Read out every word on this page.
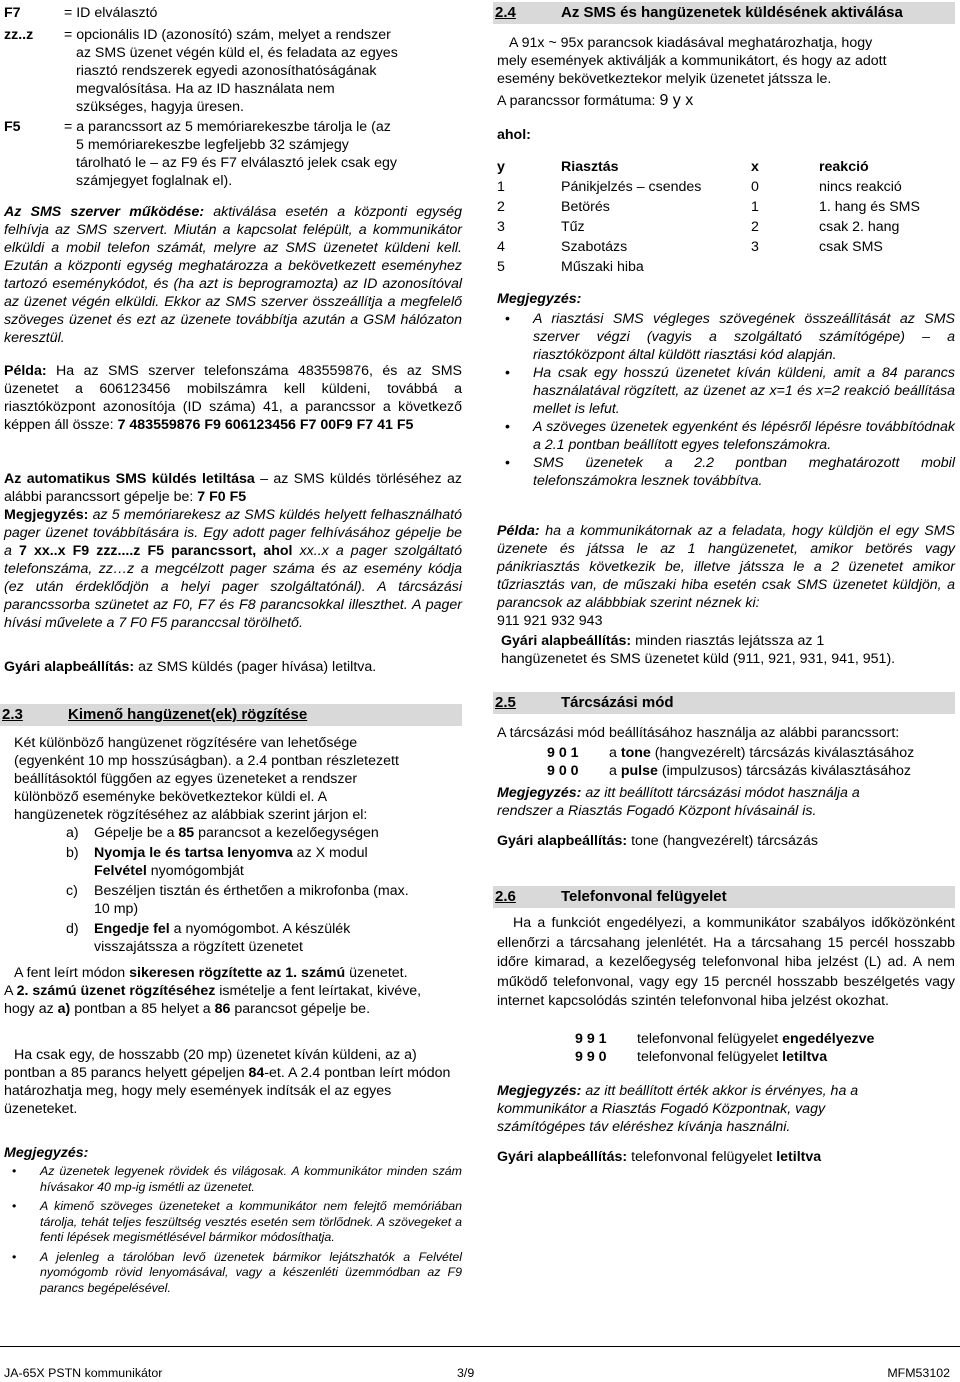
F7	= ID elválasztó
zz..z	= opcionális ID (azonosító) szám, melyet a rendszer
az SMS üzenet végén küld el, és feladata az egyes
riasztó rendszerek egyedi azonosíthatóságának
megvalósítása. Ha az ID használata nem
szükséges, hagyja üresen.
F5	= a parancssort az 5 memóriarekeszbe tárolja le (az
5 memóriarekeszbe legfeljebb 32 számjegy
tárolható le – az F9 és F7 elválasztó jelek csak egy
számjegyet foglalnak el).

Az SMS szerver működése: aktiválása esetén a központi egység felhívja az SMS szervert. Miután a kapcsolat felépült, a kommunikátor elküldi a mobil telefon számát, melyre az SMS üzenetet küldeni kell. Ezután a központi egység meghatározza a bekövetkezett eseményhez tartozó eseménykódot, és (ha azt is beprogramozta) az ID azonosítóval az üzenet végén elküldi. Ekkor az SMS szerver összeállítja a megfelelő szöveges üzenet és ezt az üzenete továbbítja azután a GSM hálózaton keresztül.

Példa: Ha az SMS szerver telefonszáma 483559876, és az SMS üzenetet a 606123456 mobilszámra kell küldeni, továbbá a riasztóközpont azonosítója (ID száma) 41, a parancssor a következő képpen áll össze: 7 483559876 F9 606123456 F7 00F9 F7 41 F5

Az automatikus SMS küldés letiltása – az SMS küldés törléséhez az alábbi parancssort gépelje be: 7 F0 F5
Megjegyzés: az 5 memóriarekesz az SMS küldés helyett felhasználható pager üzenet továbbítására is. Egy adott pager felhívásához gépelje be a 7 xx..x F9 zzz....z F5 parancssort, ahol xx..x a pager szolgáltató telefonszáma, zz…z a megcélzott pager száma és az esemény kódja (ez után érdeklődjön a helyi pager szolgáltatónál). A tárcsázási parancssorba szünetet az F0, F7 és F8 parancsokkal illeszthet. A pager hívási művelete a 7 F0 F5 paranccsal törölhető.

Gyári alapbeállítás: az SMS küldés (pager hívása) letiltva.

2.3	Kimenő hangüzenet(ek) rögzítése
Két különböző hangüzenet rögzítésére van lehetősége
(egyenként 10 mp hosszúságban). a 2.4 pontban részletezett
beállításoktól függően az egyes üzeneteket a rendszer
különböző eseményke bekövetkeztekor küldi el. A
hangüzenetek rögzítéséhez az alábbiak szerint járjon el:
a)	Gépelje be a 85 parancsot a kezelőegységen
b)	Nyomja le és tartsa lenyomva az X modul
Felvétel nyomógombját
c)	Beszéljen tisztán és érthetően a mikrofonba (max.
10 mp)
d)	Engedje fel a nyomógombot. A készülék
visszajátssza a rögzített üzenetet

A fent leírt módon sikeresen rögzítette az 1. számú üzenetet.

A 2. számú üzenet rögzítéséhez ismételje a fent leírtakat, kivéve, hogy az a) pontban a 85 helyet a 86 parancsot gépelje be.

Ha csak egy, de hosszabb (20 mp) üzenetet kíván küldeni, az a) pontban a 85 parancs helyett gépeljen 84-et. A 2.4 pontban leírt módon határozhatja meg, hogy mely események indítsák el az egyes üzeneteket.

Megjegyzés:

• Az üzenetek legyenek rövidek és világosak. A kommunikátor minden szám hívásakor 40 mp-ig ismétli az üzenetet.
• A kimenő szöveges üzeneteket a kommunikátor nem felejtő memóriában tárolja, tehát teljes feszültség vesztés esetén sem törlődnek. A szövegeket a fenti lépések megismétlésével bármikor módosíthatja.
• A jelenleg a tárolóban levő üzenetek bármikor lejátszhatók a Felvétel nyomógomb rövid lenyomásával, vagy a készenléti üzemmódban az F9 parancs begépelésével.
2.4	Az SMS és hangüzenetek küldésének aktiválása
A 91x ~ 95x parancsok kiadásával meghatározhatja, hogy
mely események aktiválják a kommunikátort, és hogy az adott
esemény bekövetkeztekor melyik üzenetet játssza le.

A parancssor formátuma: 9 y x

ahol:

y	Riasztás	x	reakció
1	Pánikjelzés – csendes	0	nincs reakció
2	Betörés	1	1. hang és SMS
3	Tűz	2	csak 2. hang
4	Szabotázs	3	csak SMS
5	Műszaki hiba		

Megjegyzés:

• A riasztási SMS végleges szövegének összeállítását az SMS szerver végzi (vagyis a szolgáltató számítógépe) – a riasztóközpont által küldött riasztási kód alapján.
• Ha csak egy hosszú üzenetet kíván küldeni, amit a 84 parancs használatával rögzített, az üzenet az x=1 és x=2 reakció beállítása mellet is lefut.
• A szöveges üzenetek egyenként és lépésről lépésre továbbítódnak a 2.1 pontban beállított egyes telefonszámokra.
• SMS üzenetek a 2.2 pontban meghatározott mobil telefonszámokra lesznek továbbítva.

Példa: ha a kommunikátornak az a feladata, hogy küldjön el egy SMS üzenete és játssa le az 1 hangüzenetet, amikor betörés vagy pánikriasztás következik be, illetve játssza le a 2 üzenetet amikor tűzriasztás van, de műszaki hiba esetén csak SMS üzenetet küldjön, a parancsok az alábbbiak szerint néznek ki:
911 921 932 943

Gyári alapbeállítás: minden riasztás lejátssza az 1
hangüzenetet és SMS üzenetet küld (911, 921, 931, 941, 951).
2.5	Tárcsázási mód

A tárcsázási mód beállításához használja az alábbi parancssort:

9 0 1	a tone (hangvezérelt) tárcsázás kiválasztásához
9 0 0	a pulse (impulzusos) tárcsázás kiválasztásához

Megjegyzés: az itt beállított tárcsázási módot használja a rendszer a Riasztás Fogadó Központ hívásainál is.

Gyári alapbeállítás: tone (hangvezérelt) tárcsázás

2.6	Telefonvonal felügyelet

Ha a funkciót engedélyezi, a kommunikátor szabályos időközönként ellenőrzi a tárcsahang jelenlétét. Ha a tárcsahang 15 percél hosszabb időre kimarad, a kezelőegység telefonvonal hiba jelzést (L) ad. A nem működő telefonvonal, vagy egy 15 percnél hosszabb beszélgetés vagy internet kapcsolódás szintén telefonvonal hiba jelzést okozhat.

9 9 1	telefonvonal felügyelet engedélyezve
9 9 0	telefonvonal felügyelet letiltva

Megjegyzés: az itt beállított érték akkor is érvényes, ha a kommunikátor a Riasztás Fogadó Központnak, vagy számítógépes táv eléréshez kívánja használni.

Gyári alapbeállítás: telefonvonal felügyelet letiltva

JA-65X PSTN kommunikátor	3/9	MFM53102
